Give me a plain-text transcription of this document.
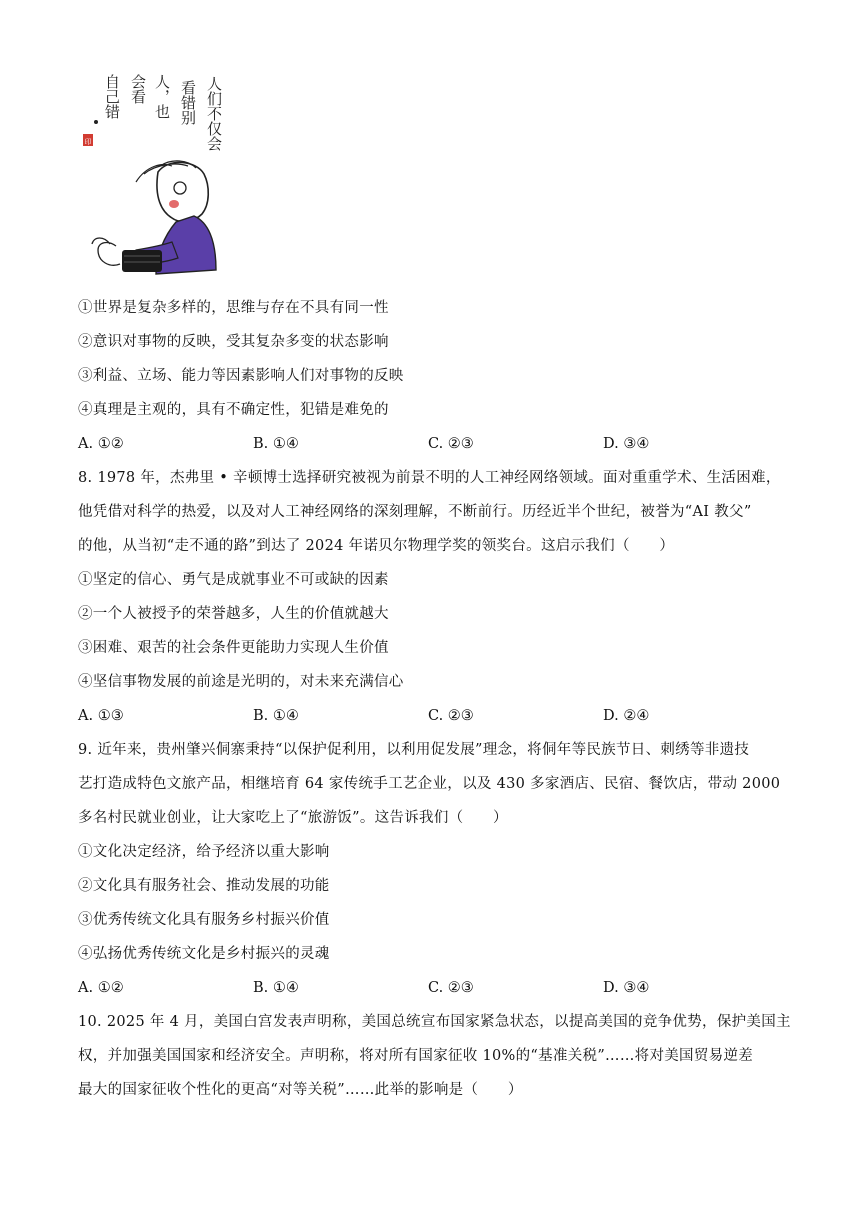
人们不仅会
看错别
人，也
会看
自己错
印
①世界是复杂多样的，思维与存在不具有同一性
②意识对事物的反映，受其复杂多变的状态影响
③利益、立场、能力等因素影响人们对事物的反映
④真理是主观的，具有不确定性，犯错是难免的
A. ①②	B. ①④	C. ②③	D. ③④
8. 1978 年，杰弗里 • 辛顿博士选择研究被视为前景不明的人工神经网络领域。面对重重学术、生活困难，
他凭借对科学的热爱，以及对人工神经网络的深刻理解，不断前行。历经近半个世纪，被誉为“AI 教父”
的他，从当初“走不通的路”到达了 2024 年诺贝尔物理学奖的领奖台。这启示我们（　　）
①坚定的信心、勇气是成就事业不可或缺的因素
②一个人被授予的荣誉越多，人生的价值就越大
③困难、艰苦的社会条件更能助力实现人生价值
④坚信事物发展的前途是光明的，对未来充满信心
A. ①③	B. ①④	C. ②③	D. ②④
9. 近年来，贵州肇兴侗寨秉持“以保护促利用，以利用促发展”理念，将侗年等民族节日、刺绣等非遗技
艺打造成特色文旅产品，相继培育 64 家传统手工艺企业，以及 430 多家酒店、民宿、餐饮店，带动 2000
多名村民就业创业，让大家吃上了“旅游饭”。这告诉我们（　　）
①文化决定经济，给予经济以重大影响
②文化具有服务社会、推动发展的功能
③优秀传统文化具有服务乡村振兴价值
④弘扬优秀传统文化是乡村振兴的灵魂
A. ①②	B. ①④	C. ②③	D. ③④
10. 2025 年 4 月，美国白宫发表声明称，美国总统宣布国家紧急状态，以提高美国的竞争优势，保护美国主
权，并加强美国国家和经济安全。声明称，将对所有国家征收 10%的“基准关税”……将对美国贸易逆差
最大的国家征收个性化的更高“对等关税”……此举的影响是（　　）
